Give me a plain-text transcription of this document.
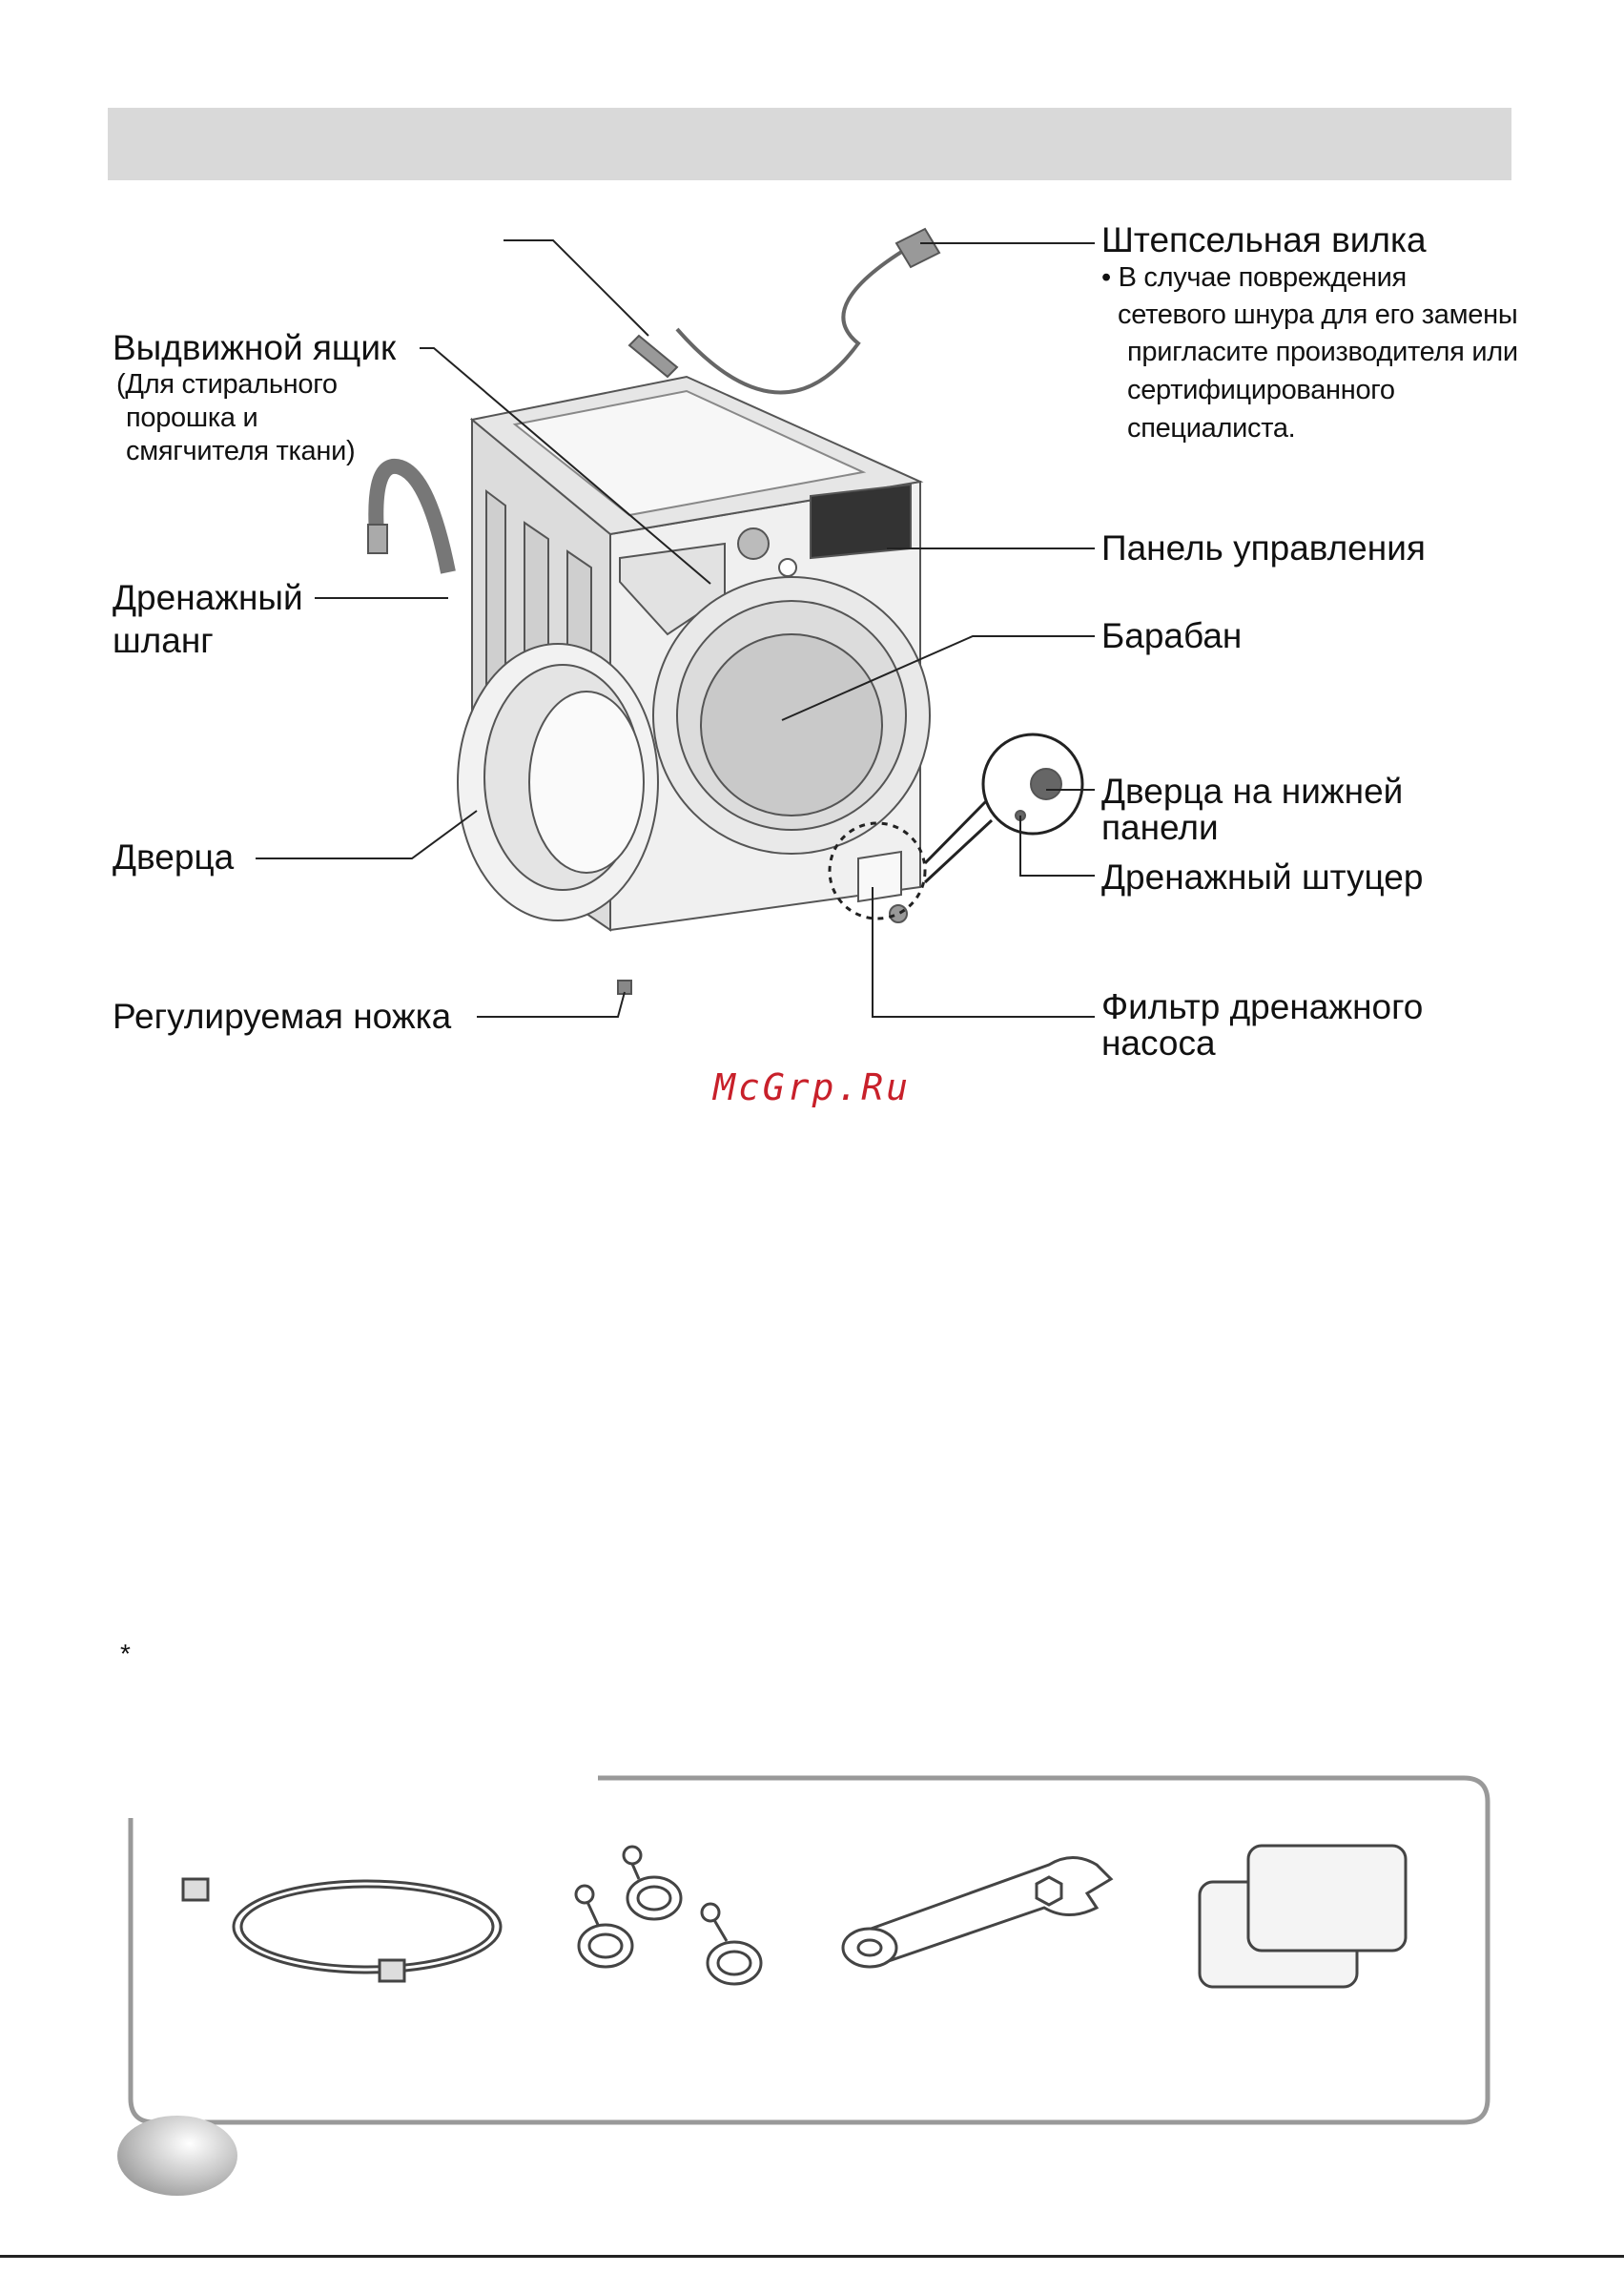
Выдвижной ящик
(Для стирального
порошка и
смягчителя ткани)
Дренажный
шланг
Дверца
Регулируемая ножка
Штепсельная вилка
• В случае повреждения
сетевого шнура для его замены
пригласите производителя или
сертифицированного
специалиста.
Панель управления
Барабан
Дверца на нижней
панели
Дренажный штуцер
Фильтр дренажного
насоса
McGrp.Ru
*
